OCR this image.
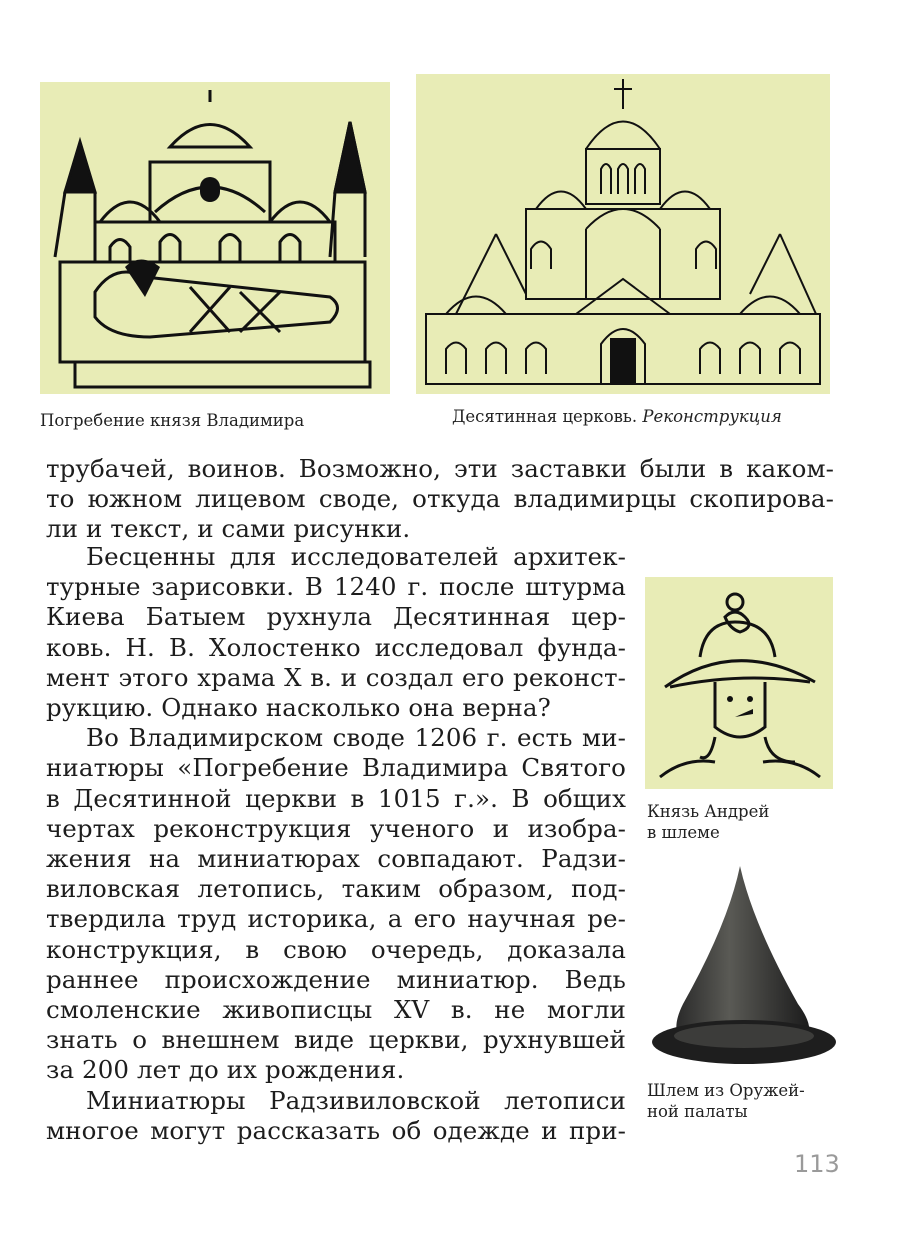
Погребение князя Владимира	Десятинная церковь. Реконструкция
трубачей, воинов. Возможно, эти заставки были в каком-
то южном лицевом своде, откуда владимирцы скопирова-
ли и текст, и сами рисунки.
Бесценны для исследователей архитек-
турные зарисовки. В 1240 г. после штурма
Киева Батыем рухнула Десятинная цер-
ковь. Н. В. Холостенко исследовал фунда-
мент этого храма X в. и создал его реконст-
рукцию. Однако насколько она верна?
Во Владимирском своде 1206 г. есть ми-
ниатюры «Погребение Владимира Святого
в Десятинной церкви в 1015 г.». В общих
чертах реконструкция ученого и изобра-
жения на миниатюрах совпадают. Радзи-
виловская летопись, таким образом, под-
твердила труд историка, а его научная ре-
конструкция, в свою очередь, доказала
раннее происхождение миниатюр. Ведь
смоленские живописцы XV в. не могли
знать о внешнем виде церкви, рухнувшей
за 200 лет до их рождения.
Миниатюры Радзивиловской летописи
многое могут рассказать об одежде и при-
Князь Андрей
в шлеме
Шлем из Оружей-
ной палаты
113
